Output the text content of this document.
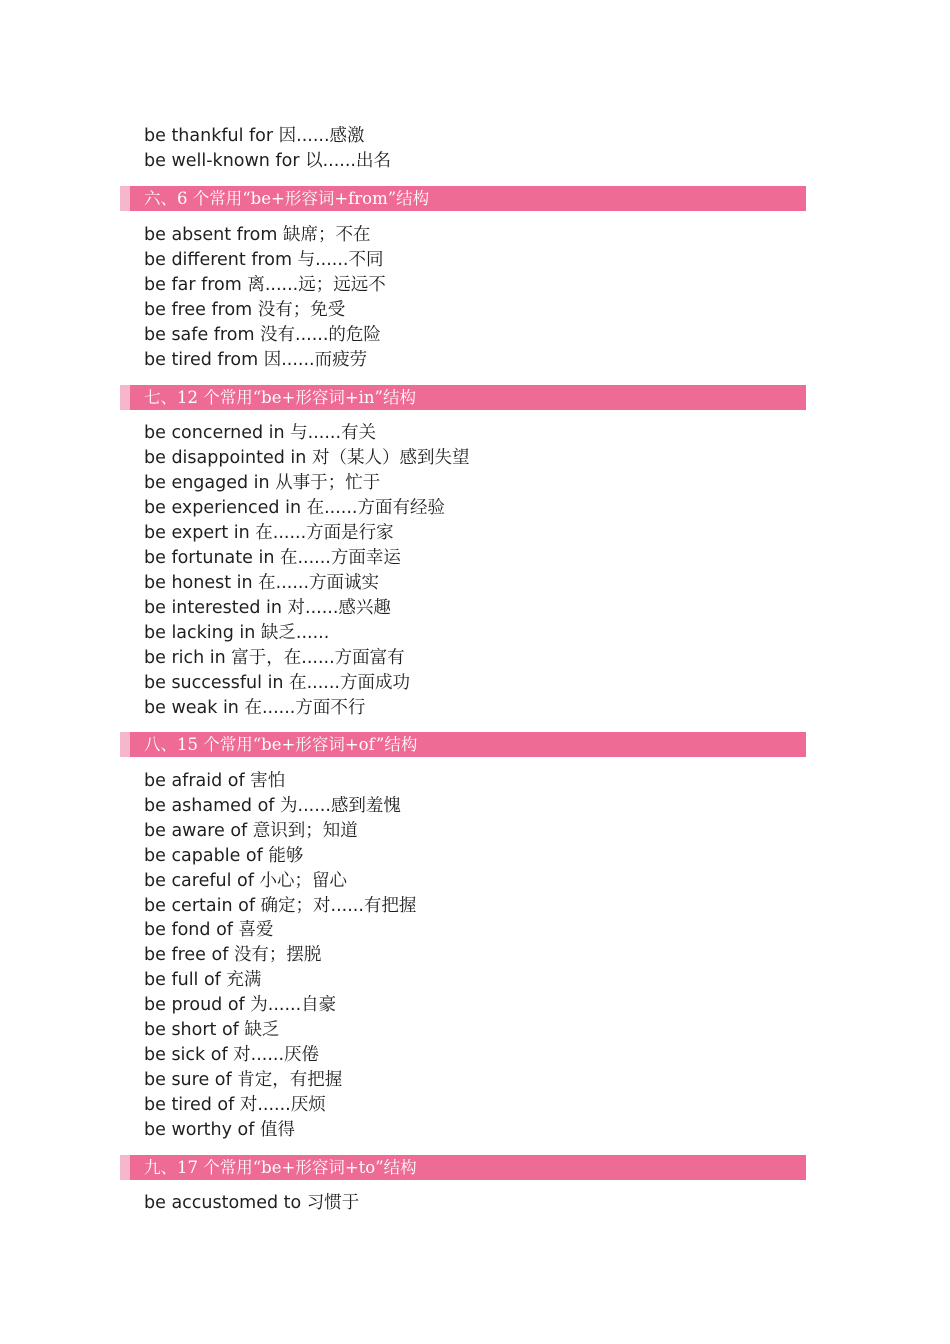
be thankful for 因......感激
be well-known for 以......出名
六、6 个常用“be+形容词+from”结构
be absent from 缺席；不在
be different from 与......不同
be far from 离......远；远远不
be free from 没有；免受
be safe from 没有......的危险
be tired from 因......而疲劳
七、12 个常用“be+形容词+in”结构
be concerned in 与......有关
be disappointed in 对（某人）感到失望
be engaged in 从事于；忙于
be experienced in 在......方面有经验
be expert in 在......方面是行家
be fortunate in 在......方面幸运
be honest in 在......方面诚实
be interested in 对......感兴趣
be lacking in 缺乏......
be rich in 富于，在......方面富有
be successful in 在......方面成功
be weak in 在......方面不行
八、15 个常用“be+形容词+of”结构
be afraid of 害怕
be ashamed of 为......感到羞愧
be aware of 意识到；知道
be capable of 能够
be careful of 小心；留心
be certain of 确定；对......有把握
be fond of 喜爱
be free of 没有；摆脱
be full of 充满
be proud of 为......自豪
be short of 缺乏
be sick of 对......厌倦
be sure of 肯定，有把握
be tired of 对......厌烦
be worthy of 值得
九、17 个常用“be+形容词+to”结构
be accustomed to 习惯于
